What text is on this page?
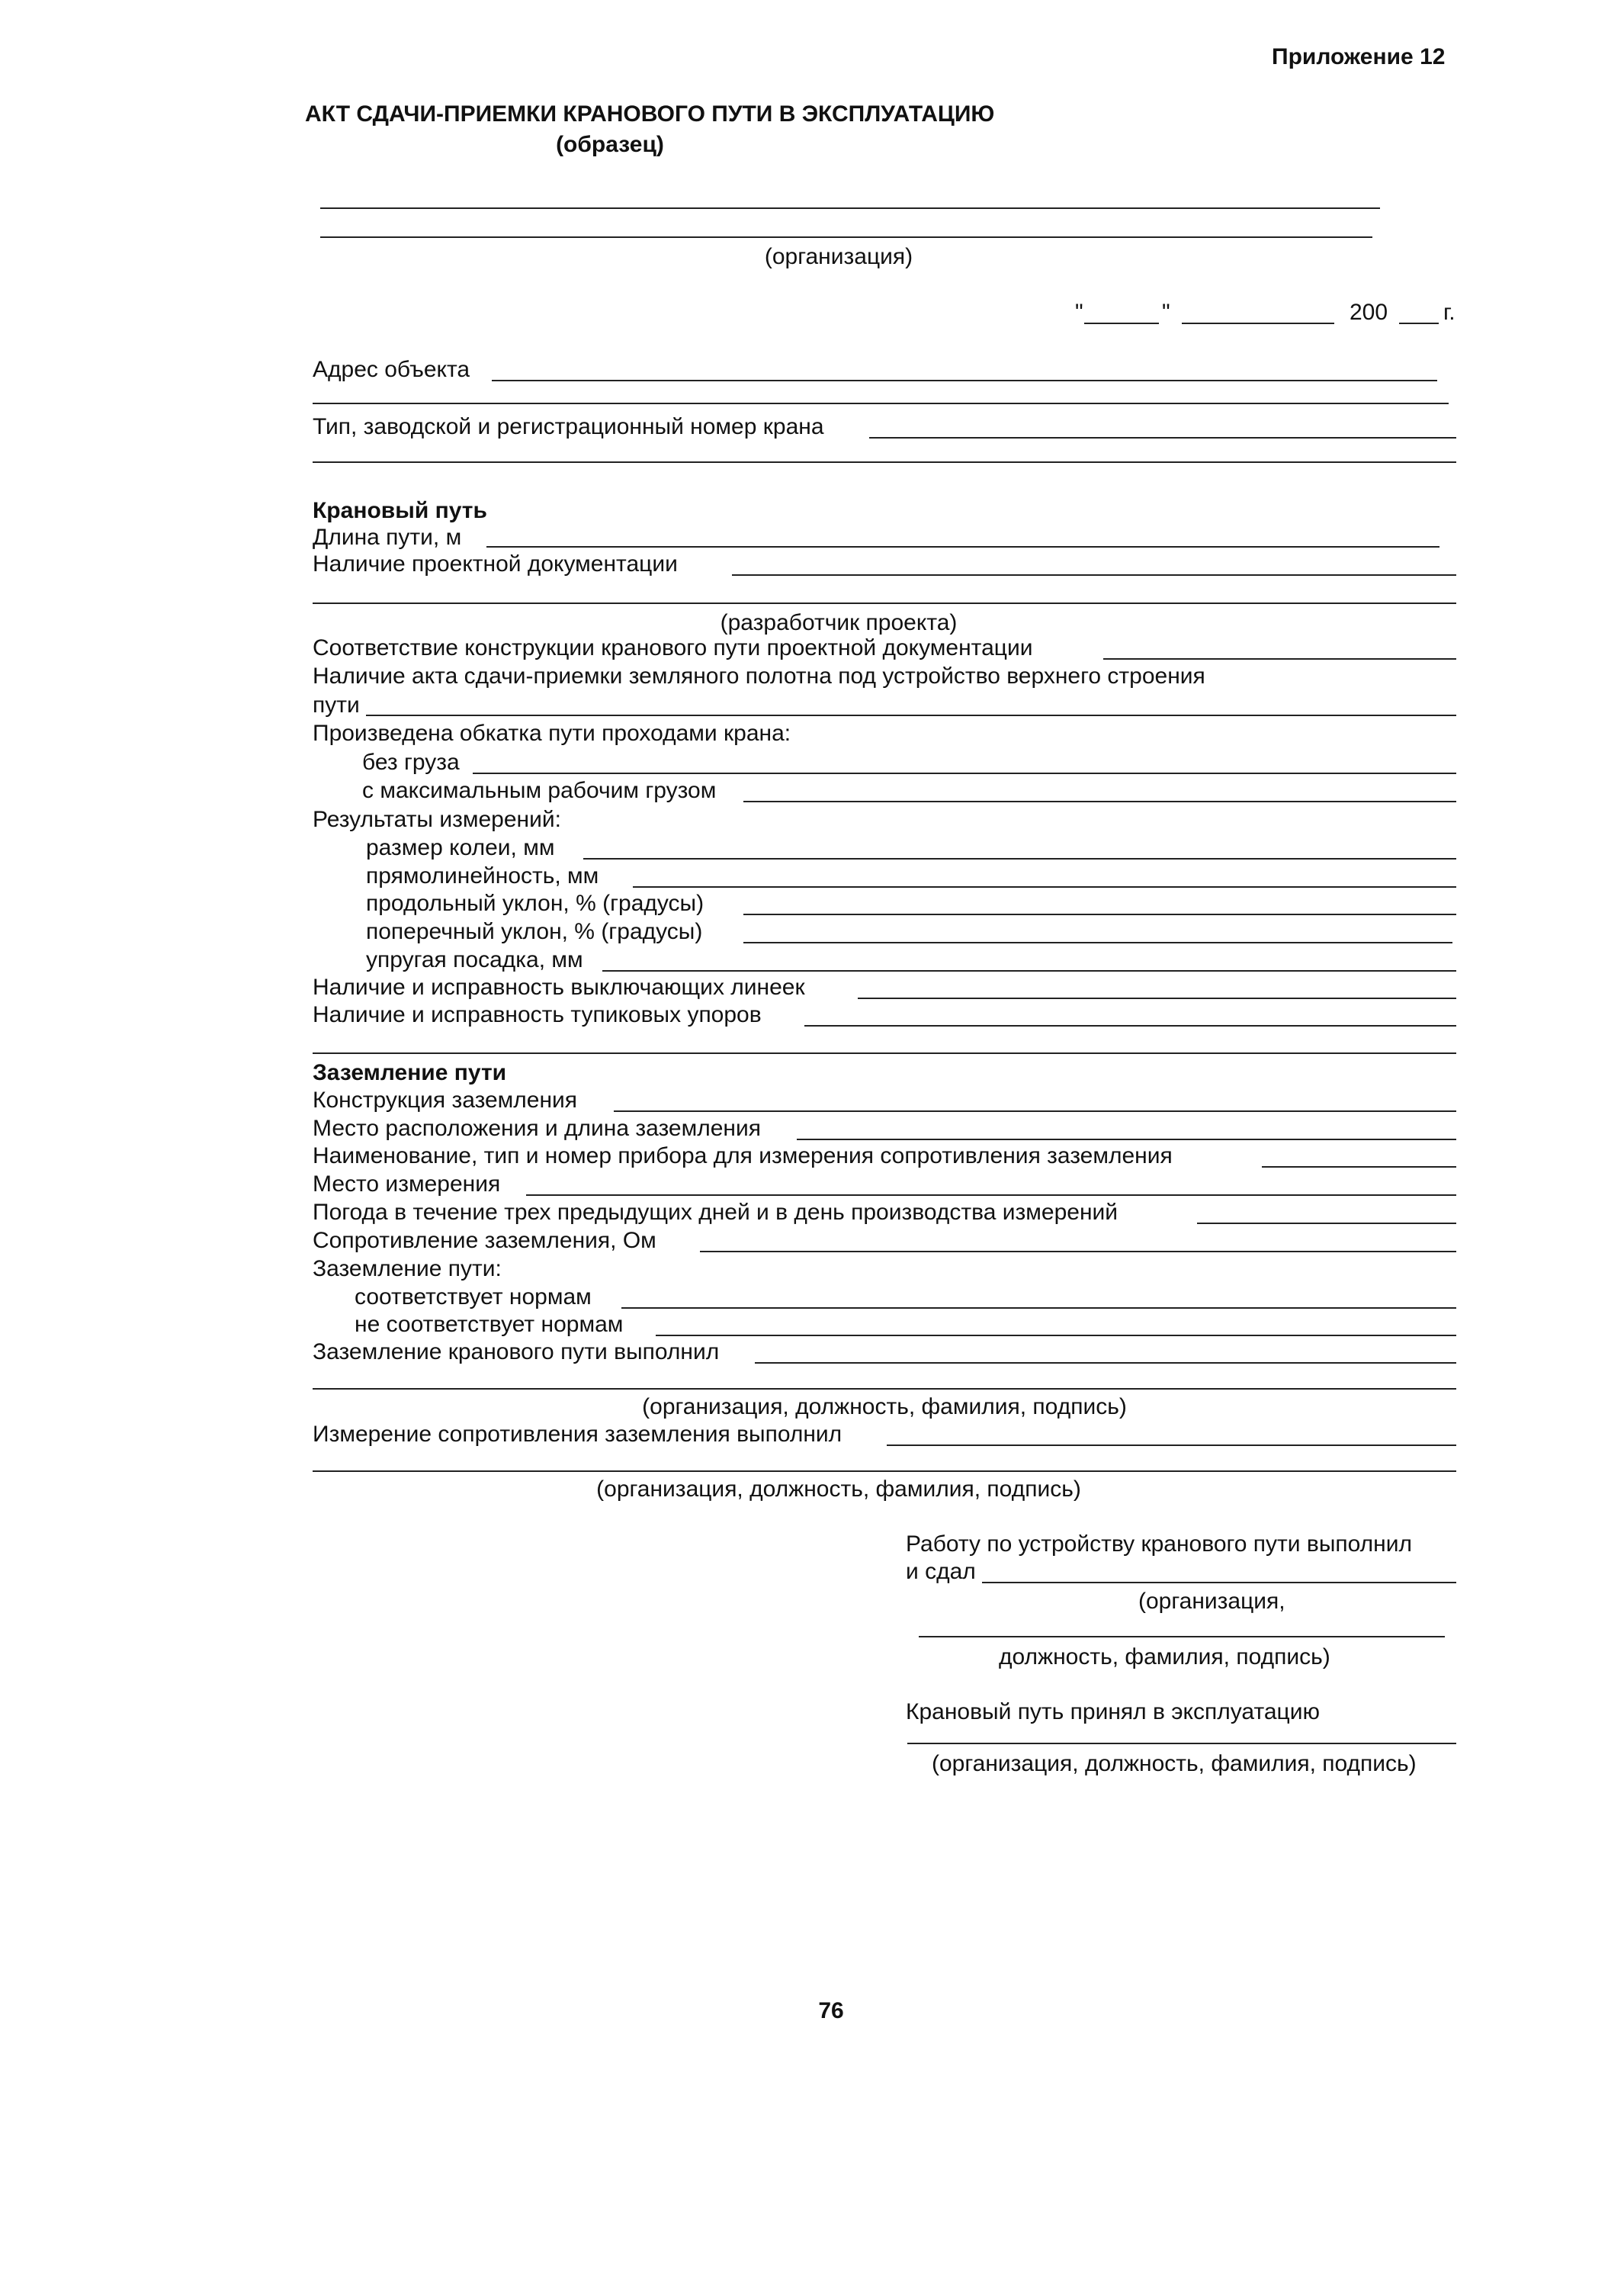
Приложение 12
АКТ СДАЧИ-ПРИЕМКИ КРАНОВОГО ПУТИ В ЭКСПЛУАТАЦИЮ
(образец)
(организация)
"	"	200 г.
Адрес объекта
Тип, заводской и регистрационный номер крана
Крановый путь
Длина пути, м
Наличие проектной документации
(разработчик проекта)
Соответствие конструкции кранового пути проектной документации
Наличие акта сдачи-приемки земляного полотна под устройство верхнего строения
пути
Произведена обкатка пути проходами крана:
без груза
с максимальным рабочим грузом
Результаты измерений:
размер колеи, мм
прямолинейность, мм
продольный уклон, % (градусы)
поперечный уклон, % (градусы)
упругая посадка, мм
Наличие и исправность выключающих линеек
Наличие и исправность тупиковых упоров
Заземление пути
Конструкция заземления
Место расположения и длина заземления
Наименование, тип и номер прибора для измерения сопротивления заземления
Место измерения
Погода в течение трех предыдущих дней и в день производства измерений
Сопротивление заземления, Ом
Заземление пути:
соответствует нормам
не соответствует нормам
Заземление кранового пути выполнил
(организация, должность, фамилия, подпись)
Измерение сопротивления заземления выполнил
(организация, должность, фамилия, подпись)
Работу по устройству кранового пути выполнил
и сдал
(организация,
должность, фамилия, подпись)
Крановый путь принял в эксплуатацию
(организация, должность, фамилия, подпись)
76
